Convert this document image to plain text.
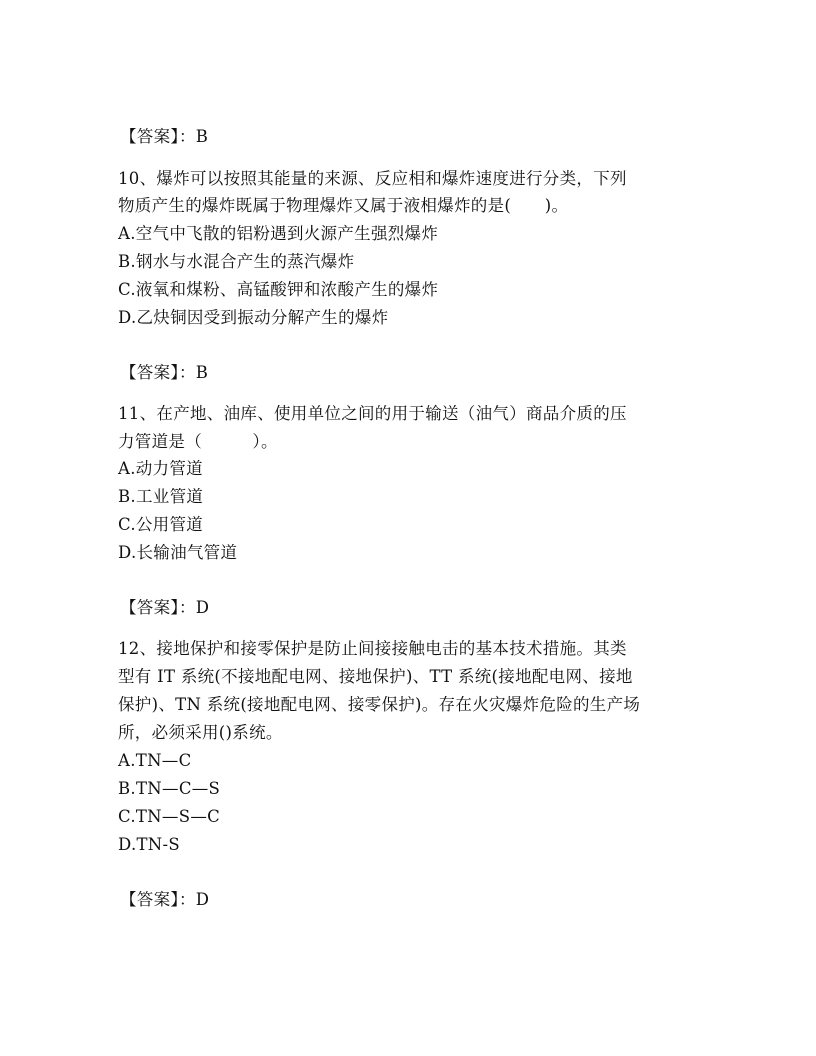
【答案】：B
10、爆炸可以按照其能量的来源、反应相和爆炸速度进行分类，下列
物质产生的爆炸既属于物理爆炸又属于液相爆炸的是(　　)。
A.空气中飞散的铝粉遇到火源产生强烈爆炸
B.钢水与水混合产生的蒸汽爆炸
C.液氧和煤粉、高锰酸钾和浓酸产生的爆炸
D.乙炔铜因受到振动分解产生的爆炸
【答案】：B
11、在产地、油库、使用单位之间的用于输送（油气）商品介质的压
力管道是（　　　）。
A.动力管道
B.工业管道
C.公用管道
D.长输油气管道
【答案】：D
12、接地保护和接零保护是防止间接接触电击的基本技术措施。其类
型有 IT 系统(不接地配电网、接地保护)、TT 系统(接地配电网、接地
保护)、TN 系统(接地配电网、接零保护)。存在火灾爆炸危险的生产场
所，必须采用()系统。
A.TN—C
B.TN—C—S
C.TN—S—C
D.TN-S
【答案】：D
